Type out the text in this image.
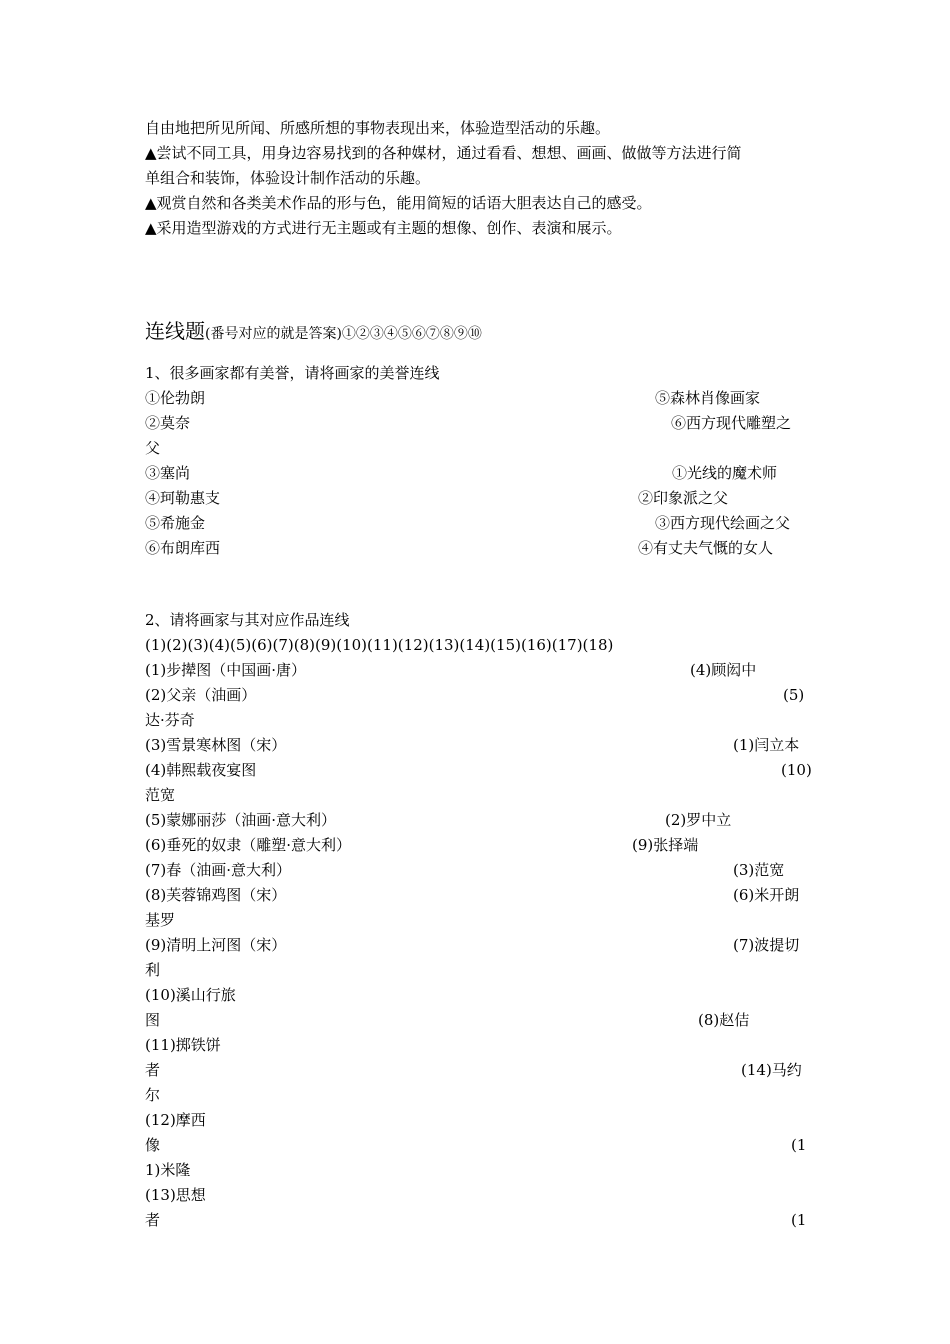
自由地把所见所闻、所感所想的事物表现出来，体验造型活动的乐趣。
▲尝试不同工具，用身边容易找到的各种媒材，通过看看、想想、画画、做做等方法进行简
单组合和装饰，体验设计制作活动的乐趣。
▲观赏自然和各类美术作品的形与色，能用简短的话语大胆表达自己的感受。
▲采用造型游戏的方式进行无主题或有主题的想像、创作、表演和展示。
连线题(番号对应的就是答案)①②③④⑤⑥⑦⑧⑨⑩
1、很多画家都有美誉，请将画家的美誉连线
①伦勃朗	⑤森林肖像画家
②莫奈	⑥西方现代雕塑之
父
③塞尚	①光线的魔术师
④珂勒惠支	②印象派之父
⑤希施金	③西方现代绘画之父
⑥布朗库西	④有丈夫气慨的女人
2、请将画家与其对应作品连线
(1)(2)(3)(4)(5)(6)(7)(8)(9)(10)(11)(12)(13)(14)(15)(16)(17)(18)
(1)步撵图（中国画·唐）	(4)顾闳中
(2)父亲（油画）	(5)
达·芬奇
(3)雪景寒林图（宋）	(1)闫立本
(4)韩熙载夜宴图	(10)
范宽
(5)蒙娜丽莎（油画·意大利）	(2)罗中立
(6)垂死的奴隶（雕塑·意大利）	(9)张择端
(7)春（油画·意大利）	(3)范宽
(8)芙蓉锦鸡图（宋）	(6)米开朗
基罗
(9)清明上河图（宋）	(7)波提切
利
(10)溪山行旅
图	(8)赵佶
(11)掷铁饼
者	(14)马约
尔
(12)摩西
像	(1
1)米隆
(13)思想
者	(1
